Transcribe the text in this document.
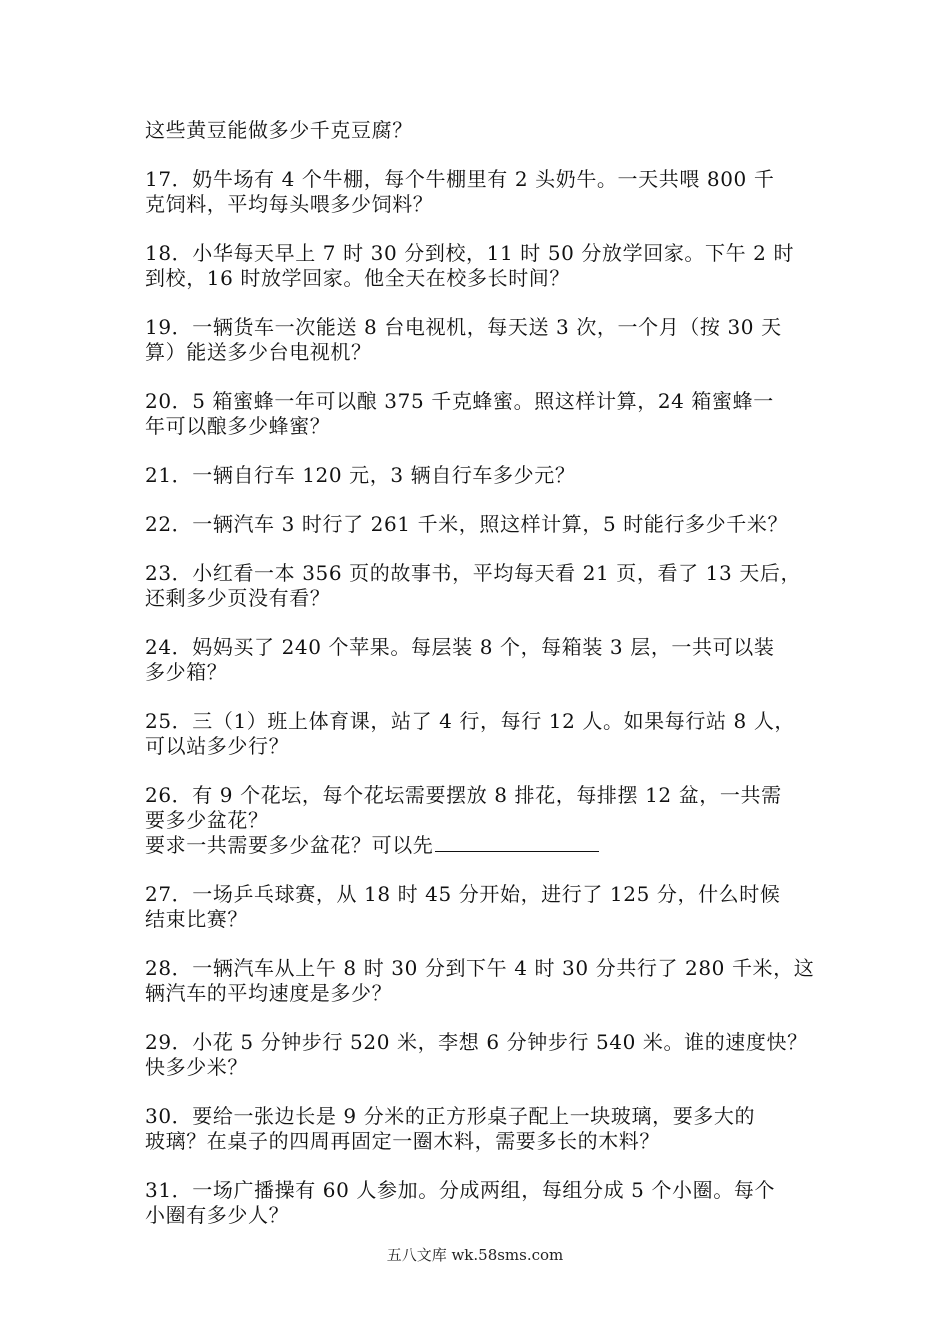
这些黄豆能做多少千克豆腐？
17．奶牛场有 4 个牛棚，每个牛棚里有 2 头奶牛。一天共喂 800 千
克饲料，平均每头喂多少饲料？
18．小华每天早上 7 时 30 分到校，11 时 50 分放学回家。下午 2 时
到校，16 时放学回家。他全天在校多长时间？
19．一辆货车一次能送 8 台电视机，每天送 3 次，一个月（按 30 天
算）能送多少台电视机？
20．5 箱蜜蜂一年可以酿 375 千克蜂蜜。照这样计算，24 箱蜜蜂一
年可以酿多少蜂蜜？
21．一辆自行车 120 元，3 辆自行车多少元？
22．一辆汽车 3 时行了 261 千米，照这样计算，5 时能行多少千米？
23．小红看一本 356 页的故事书，平均每天看 21 页，看了 13 天后，
还剩多少页没有看？
24．妈妈买了 240 个苹果。每层装 8 个，每箱装 3 层，一共可以装
多少箱？
25．三（1）班上体育课，站了 4 行，每行 12 人。如果每行站 8 人，
可以站多少行？
26．有 9 个花坛，每个花坛需要摆放 8 排花，每排摆 12 盆，一共需
要多少盆花？
要求一共需要多少盆花？可以先
27．一场乒乓球赛，从 18 时 45 分开始，进行了 125 分，什么时候
结束比赛？
28．一辆汽车从上午 8 时 30 分到下午 4 时 30 分共行了 280 千米，这
辆汽车的平均速度是多少？
29．小花 5 分钟步行 520 米，李想 6 分钟步行 540 米。谁的速度快？
快多少米？
30．要给一张边长是 9 分米的正方形桌子配上一块玻璃，要多大的
玻璃？在桌子的四周再固定一圈木料，需要多长的木料？
31．一场广播操有 60 人参加。分成两组，每组分成 5 个小圈。每个
小圈有多少人？
五八文库 wk.58sms.com
